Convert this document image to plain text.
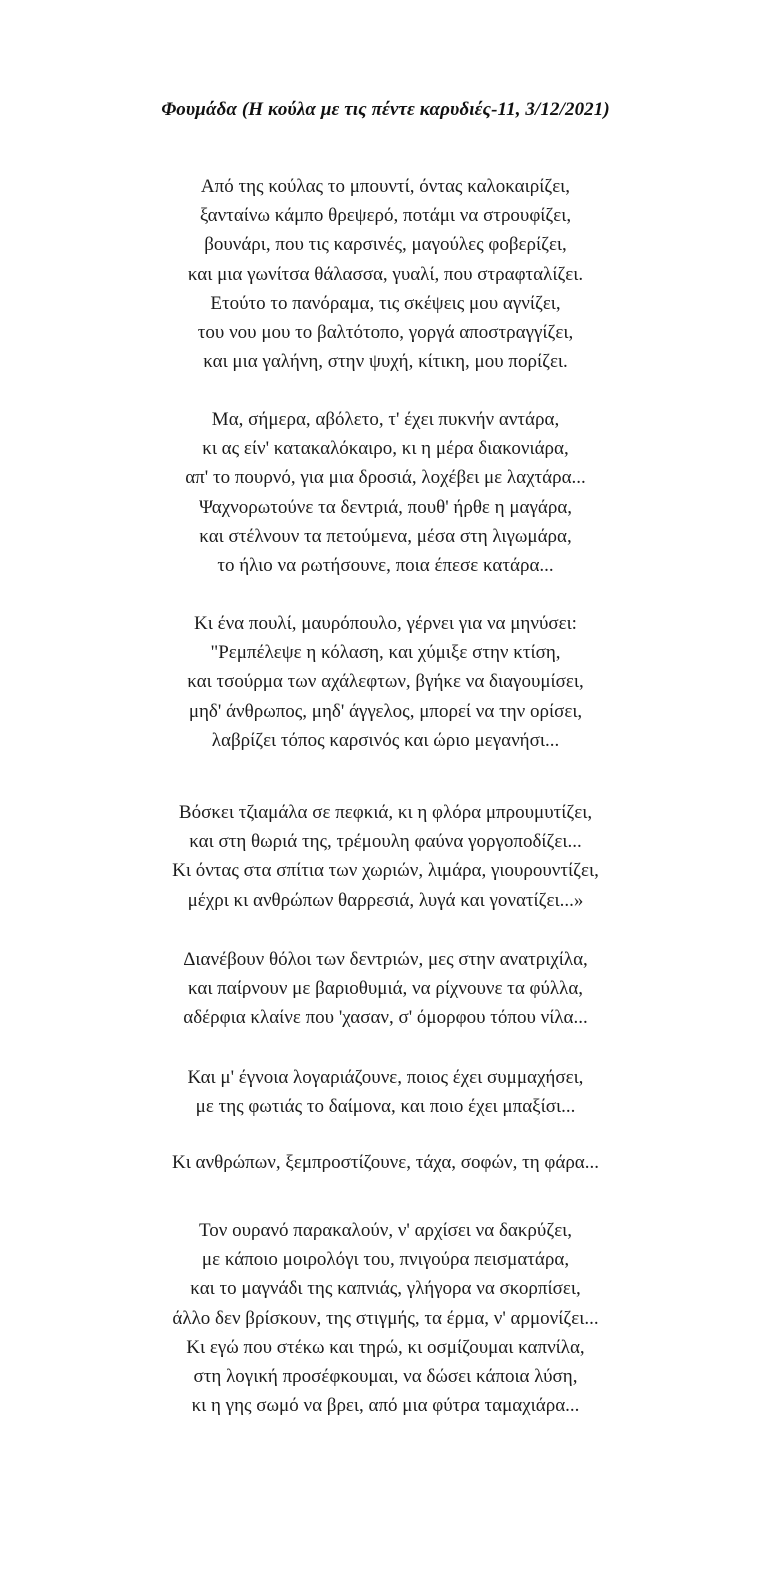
Φουμάδα (Η κούλα με τις πέντε καρυδιές-11, 3/12/2021)
Από της κούλας το μπουντί, όντας καλοκαιρίζει,
ξανταίνω κάμπο θρεψερό, ποτάμι να στρουφίζει,
βουνάρι, που τις καρσινές, μαγούλες φοβερίζει,
και μια γωνίτσα θάλασσα, γυαλί, που στραφταλίζει.
Ετούτο το πανόραμα, τις σκέψεις μου αγνίζει,
του νου μου το βαλτότοπο, γοργά αποστραγγίζει,
και μια γαλήνη, στην ψυχή, κίτικη, μου πορίζει.
Μα, σήμερα, αβόλετο, τ' έχει πυκνήν αντάρα,
κι ας είν' κατακαλόκαιρο, κι η μέρα διακονιάρα,
απ' το πουρνό, για μια δροσιά, λοχέβει με λαχτάρα...
Ψαχνορωτούνε τα δεντριά, πουθ' ήρθε η μαγάρα,
και στέλνουν τα πετούμενα, μέσα στη λιγωμάρα,
το ήλιο να ρωτήσουνε, ποια έπεσε κατάρα...
Κι ένα πουλί, μαυρόπουλο, γέρνει για να μηνύσει:
"Ρεμπέλεψε η κόλαση, και χύμιξε στην κτίση,
και τσούρμα των αχάλεφτων, βγήκε να διαγουμίσει,
μηδ' άνθρωπος, μηδ' άγγελος, μπορεί να την ορίσει,
λαβρίζει τόπος καρσινός και ώριο μεγανήσι...
Βόσκει τζιαμάλα σε πεφκιά, κι η φλόρα μπρουμυτίζει,
και στη θωριά της, τρέμουλη φαύνα γοργοποδίζει...
Κι όντας στα σπίτια των χωριών, λιμάρα, γιουρουντίζει,
μέχρι κι ανθρώπων θαρρεσιά, λυγά και γονατίζει...»
Διανέβουν θόλοι των δεντριών, μες στην ανατριχίλα,
και παίρνουν με βαριοθυμιά, να ρίχνουνε τα φύλλα,
αδέρφια κλαίνε που 'χασαν, σ' όμορφου τόπου νίλα...
Και μ' έγνοια λογαριάζουνε, ποιος έχει συμμαχήσει,
με της φωτιάς το δαίμονα, και ποιο έχει μπαξίσι...
Κι ανθρώπων, ξεμπροστίζουνε, τάχα, σοφών, τη φάρα...
Τον ουρανό παρακαλούν, ν' αρχίσει να δακρύζει,
με κάποιο μοιρολόγι του, πνιγούρα πεισματάρα,
και το μαγνάδι της καπνιάς, γλήγορα να σκορπίσει,
άλλο δεν βρίσκουν, της στιγμής, τα έρμα, ν' αρμονίζει...
Κι εγώ που στέκω και τηρώ, κι οσμίζουμαι καπνίλα,
στη λογική προσέφκουμαι, να δώσει κάποια λύση,
κι η γης σωμό να βρει, από μια φύτρα ταμαχιάρα...
